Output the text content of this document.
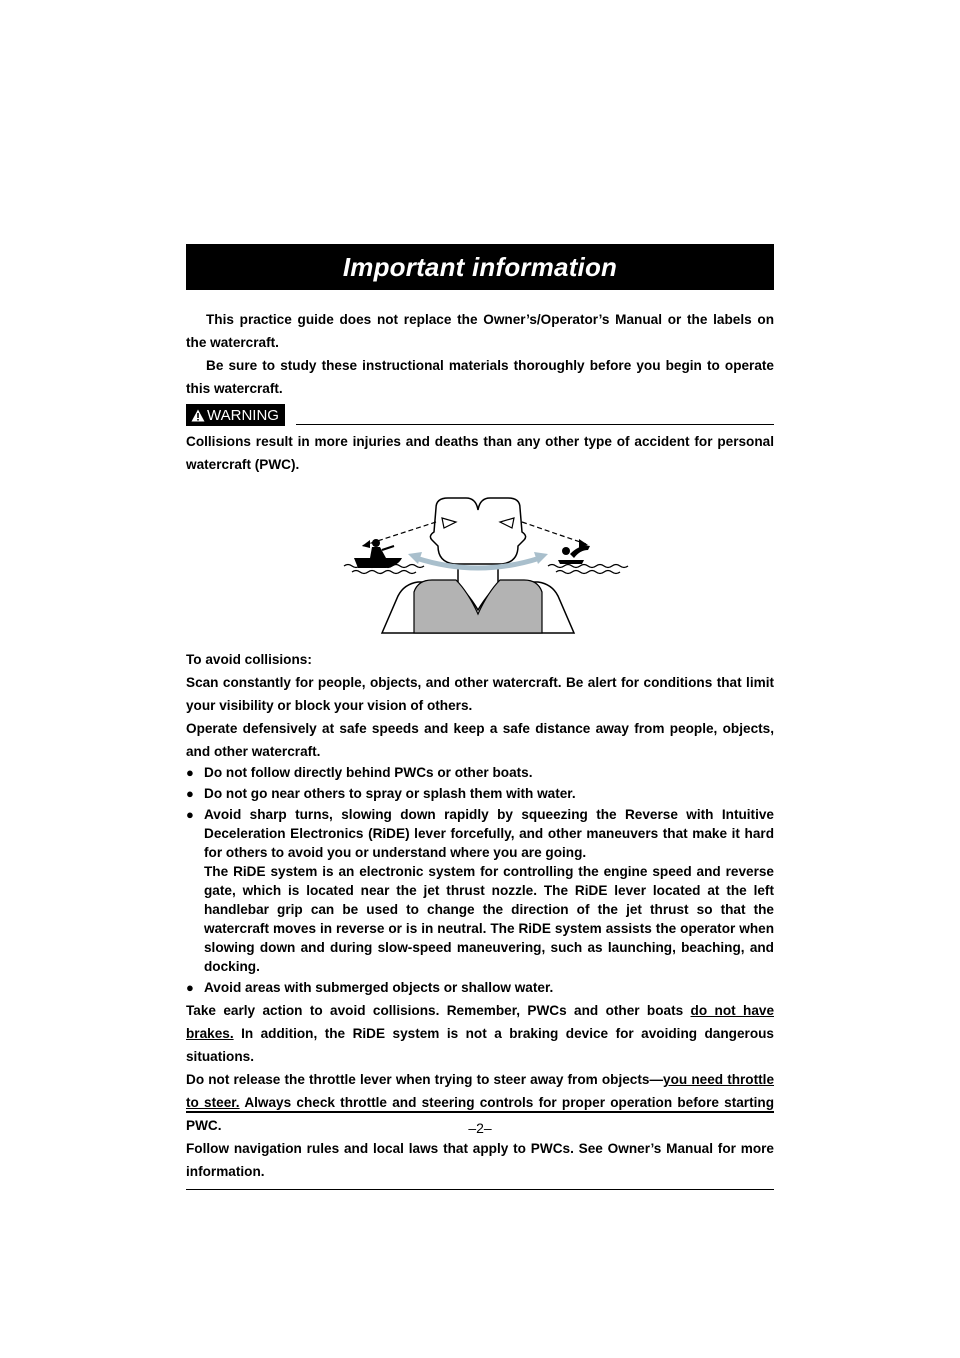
Important information

This practice guide does not replace the Owner’s/Operator’s Manual or the labels on the watercraft.

Be sure to study these instructional materials thoroughly before you begin to operate this watercraft.

WARNING

Collisions result in more injuries and deaths than any other type of accident for personal watercraft (PWC).

To avoid collisions:

Scan constantly for people, objects, and other watercraft. Be alert for conditions that limit your visibility or block your vision of others.

Operate defensively at safe speeds and keep a safe distance away from people, objects, and other watercraft.

● Do not follow directly behind PWCs or other boats.
● Do not go near others to spray or splash them with water.
● Avoid sharp turns, slowing down rapidly by squeezing the Reverse with Intuitive Deceleration Electronics (RiDE) lever forcefully, and other maneuvers that make it hard for others to avoid you or understand where you are going.
The RiDE system is an electronic system for controlling the engine speed and reverse gate, which is located near the jet thrust nozzle. The RiDE lever located at the left handlebar grip can be used to change the direction of the jet thrust so that the watercraft moves in reverse or is in neutral. The RiDE system assists the operator when slowing down and during slow-speed maneuvering, such as launching, beaching, and docking.
● Avoid areas with submerged objects or shallow water.

Take early action to avoid collisions. Remember, PWCs and other boats do not have brakes. In addition, the RiDE system is not a braking device for avoiding dangerous situations.

Do not release the throttle lever when trying to steer away from objects—you need throttle to steer. Always check throttle and steering controls for proper operation before starting PWC.

Follow navigation rules and local laws that apply to PWCs. See Owner’s Manual for more information.

–2–
